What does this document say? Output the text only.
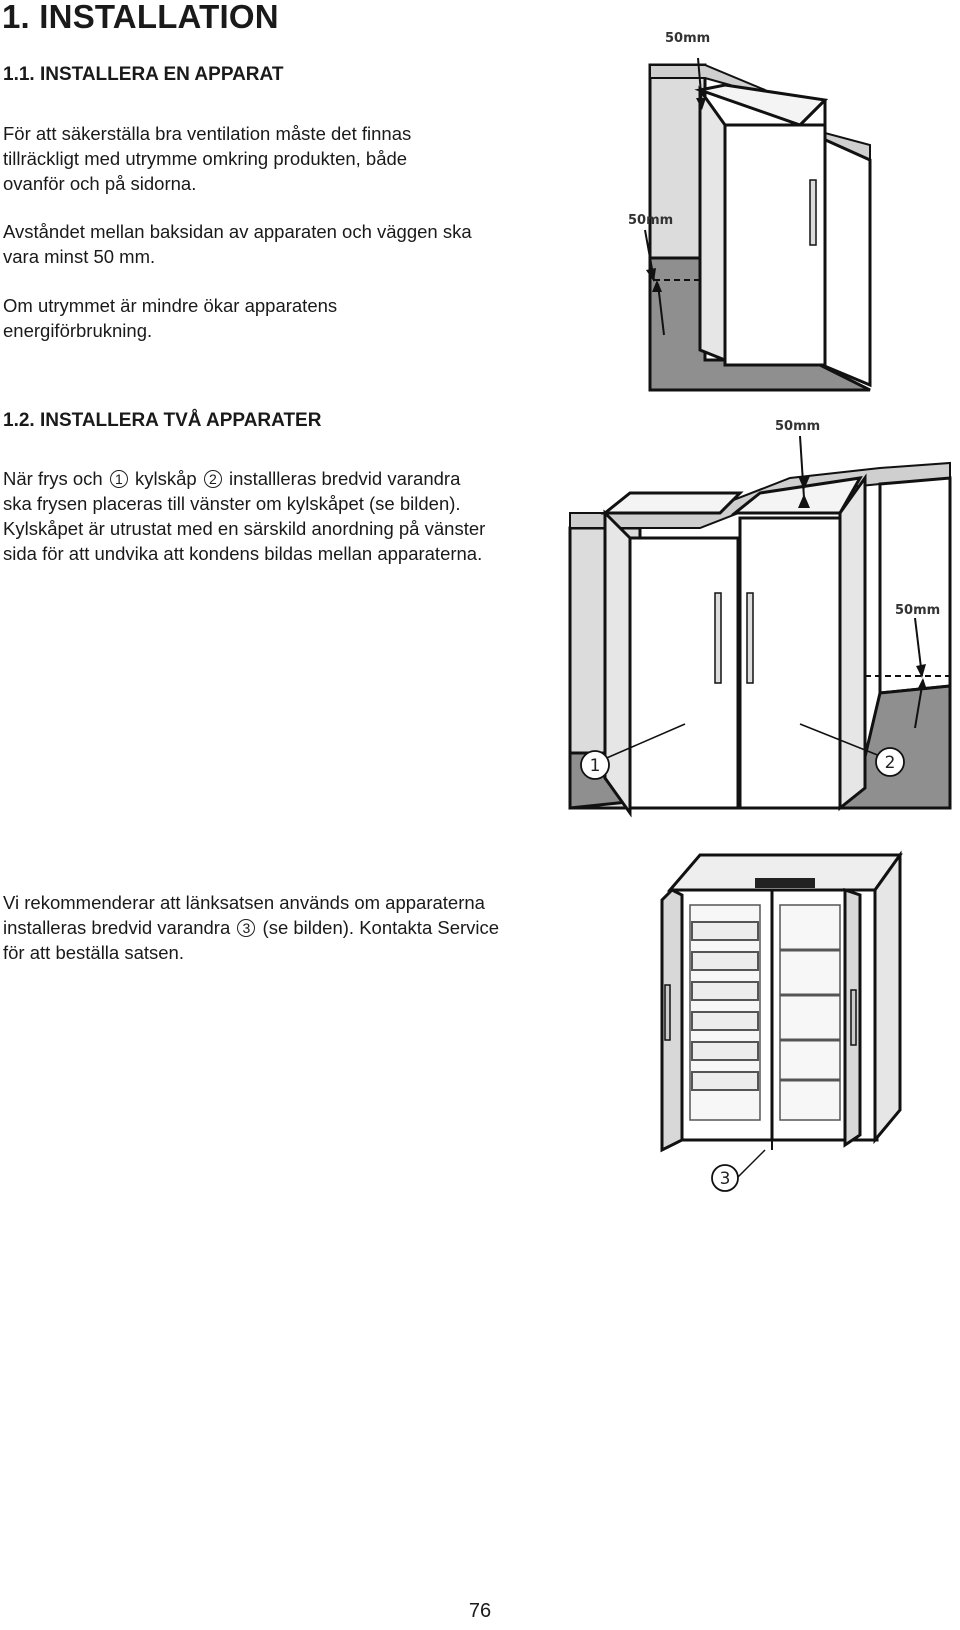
1. INSTALLATION
1.1. INSTALLERA EN APPARAT

För att säkerställa bra ventilation måste det finnas tillräckligt med utrymme omkring produkten, både ovanför och på sidorna.

Avståndet mellan baksidan av apparaten och väggen ska vara minst 50 mm.

Om utrymmet är mindre ökar apparatens energiförbrukning.

1.2. INSTALLERA TVÅ APPARATER

När frys och 1 kylskåp 2 installleras bredvid varandra ska frysen placeras till vänster om kylskåpet (se bilden). Kylskåpet är utrustat med en särskild anordning på vänster sida för att undvika att kondens bildas mellan apparaterna.

Vi rekommenderar att länksatsen används om apparaterna installeras bredvid varandra 3 (se bilden). Kontakta Service för att beställa satsen.

50mm
50mm
1	2
50mm
50mm
3
76
